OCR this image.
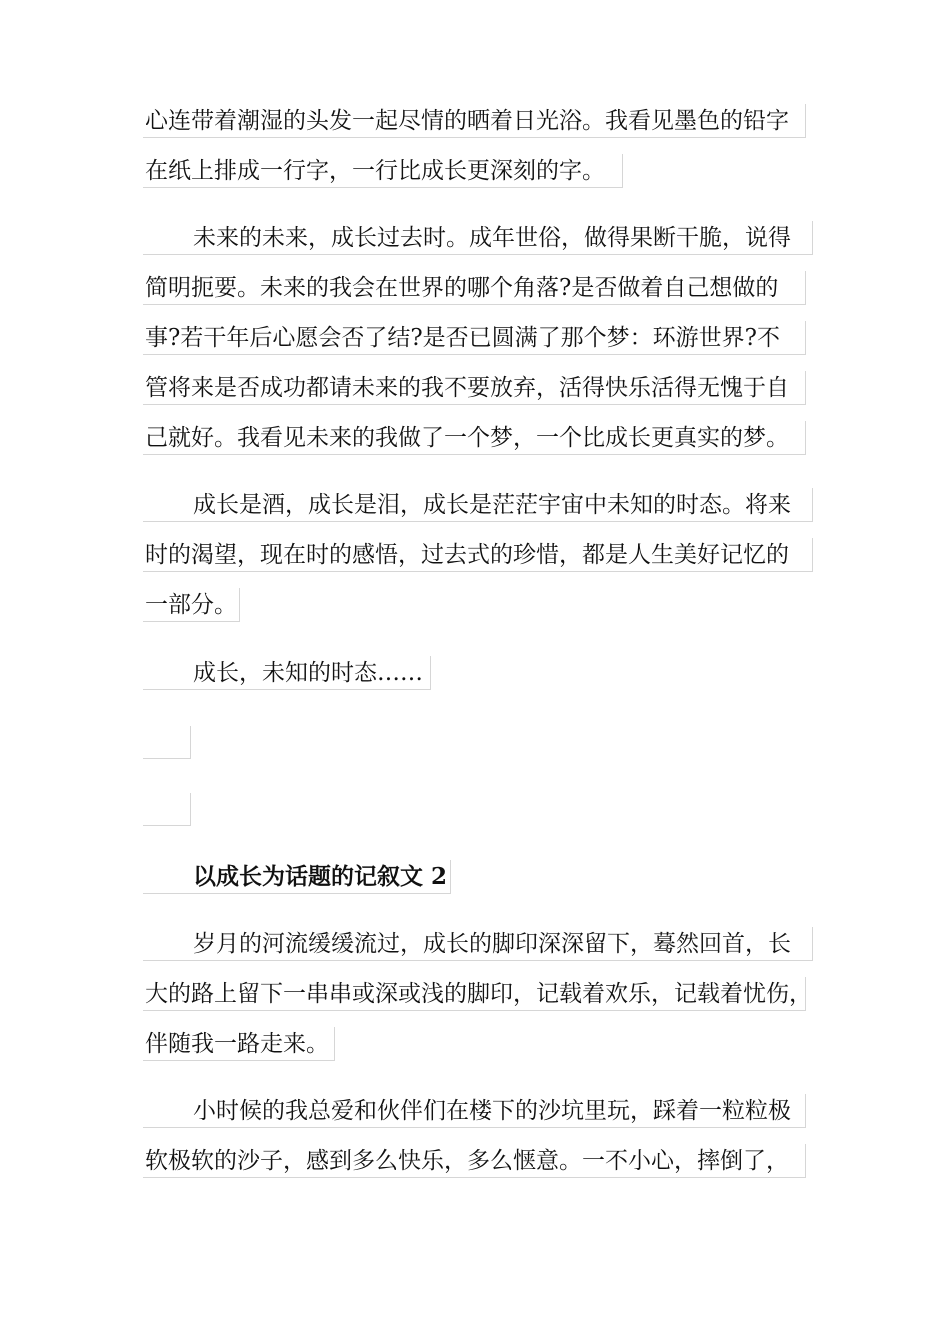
心连带着潮湿的头发一起尽情的晒着日光浴。我看见墨色的铅字
在纸上排成一行字，一行比成长更深刻的字。
未来的未来，成长过去时。成年世俗，做得果断干脆，说得
简明扼要。未来的我会在世界的哪个角落?是否做着自己想做的
事?若干年后心愿会否了结?是否已圆满了那个梦：环游世界?不
管将来是否成功都请未来的我不要放弃，活得快乐活得无愧于自
己就好。我看见未来的我做了一个梦，一个比成长更真实的梦。
成长是酒，成长是泪，成长是茫茫宇宙中未知的时态。将来
时的渴望，现在时的感悟，过去式的珍惜，都是人生美好记忆的
一部分。
成长，未知的时态……
以成长为话题的记叙文 2
岁月的河流缓缓流过，成长的脚印深深留下，蓦然回首，长
大的路上留下一串串或深或浅的脚印，记载着欢乐，记载着忧伤，
伴随我一路走来。
小时候的我总爱和伙伴们在楼下的沙坑里玩，踩着一粒粒极
软极软的沙子，感到多么快乐，多么惬意。一不小心，摔倒了，
